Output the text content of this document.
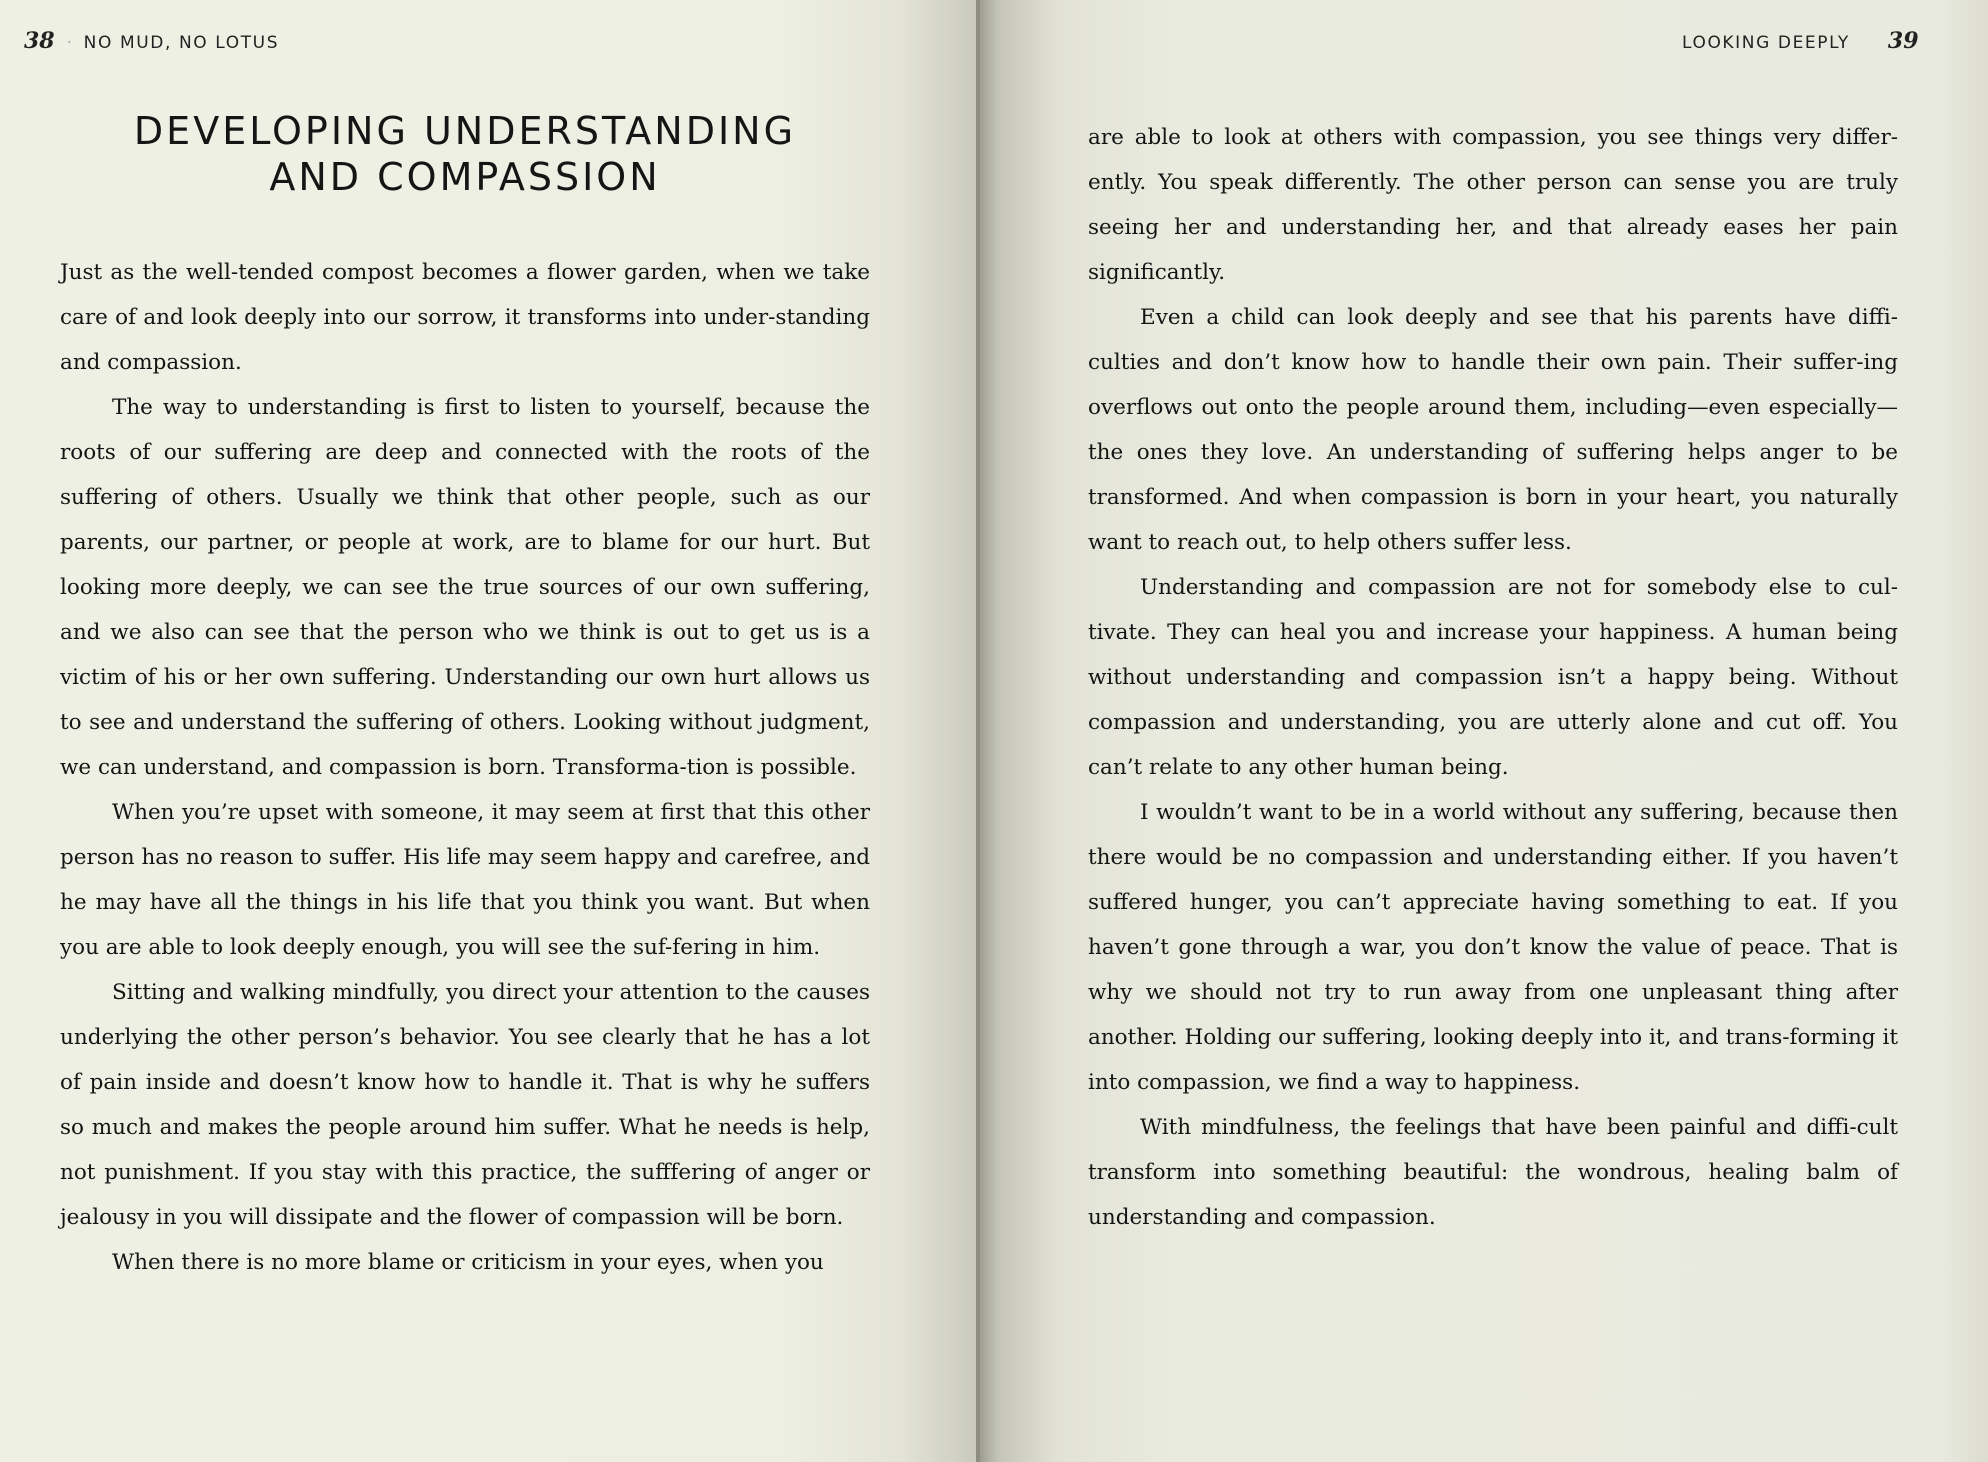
38 · NO MUD, NO LOTUS
DEVELOPING UNDERSTANDING
AND COMPASSION

Just as the well-tended compost becomes a flower garden, when we take care of and look deeply into our sorrow, it transforms into under-standing and compassion.

The way to understanding is first to listen to yourself, because the roots of our suffering are deep and connected with the roots of the suffering of others. Usually we think that other people, such as our parents, our partner, or people at work, are to blame for our hurt. But looking more deeply, we can see the true sources of our own suffering, and we also can see that the person who we think is out to get us is a victim of his or her own suffering. Understanding our own hurt allows us to see and understand the suffering of others. Looking without judgment, we can understand, and compassion is born. Transforma-tion is possible.

When you’re upset with someone, it may seem at first that this other person has no reason to suffer. His life may seem happy and carefree, and he may have all the things in his life that you think you want. But when you are able to look deeply enough, you will see the suf-fering in him.

Sitting and walking mindfully, you direct your attention to the causes underlying the other person’s behavior. You see clearly that he has a lot of pain inside and doesn’t know how to handle it. That is why he suffers so much and makes the people around him suffer. What he needs is help, not punishment. If you stay with this practice, the sufffering of anger or jealousy in you will dissipate and the flower of compassion will be born.

When there is no more blame or criticism in your eyes, when you

LOOKING DEEPLY 39

are able to look at others with compassion, you see things very differ-ently. You speak differently. The other person can sense you are truly seeing her and understanding her, and that already eases her pain significantly.

Even a child can look deeply and see that his parents have diffi-culties and don’t know how to handle their own pain. Their suffer-ing overflows out onto the people around them, including—even especially—the ones they love. An understanding of suffering helps anger to be transformed. And when compassion is born in your heart, you naturally want to reach out, to help others suffer less.

Understanding and compassion are not for somebody else to cul-tivate. They can heal you and increase your happiness. A human being without understanding and compassion isn’t a happy being. Without compassion and understanding, you are utterly alone and cut off. You can’t relate to any other human being.

I wouldn’t want to be in a world without any suffering, because then there would be no compassion and understanding either. If you haven’t suffered hunger, you can’t appreciate having something to eat. If you haven’t gone through a war, you don’t know the value of peace. That is why we should not try to run away from one unpleasant thing after another. Holding our suffering, looking deeply into it, and trans-forming it into compassion, we find a way to happiness.

With mindfulness, the feelings that have been painful and diffi-cult transform into something beautiful: the wondrous, healing balm of understanding and compassion.
